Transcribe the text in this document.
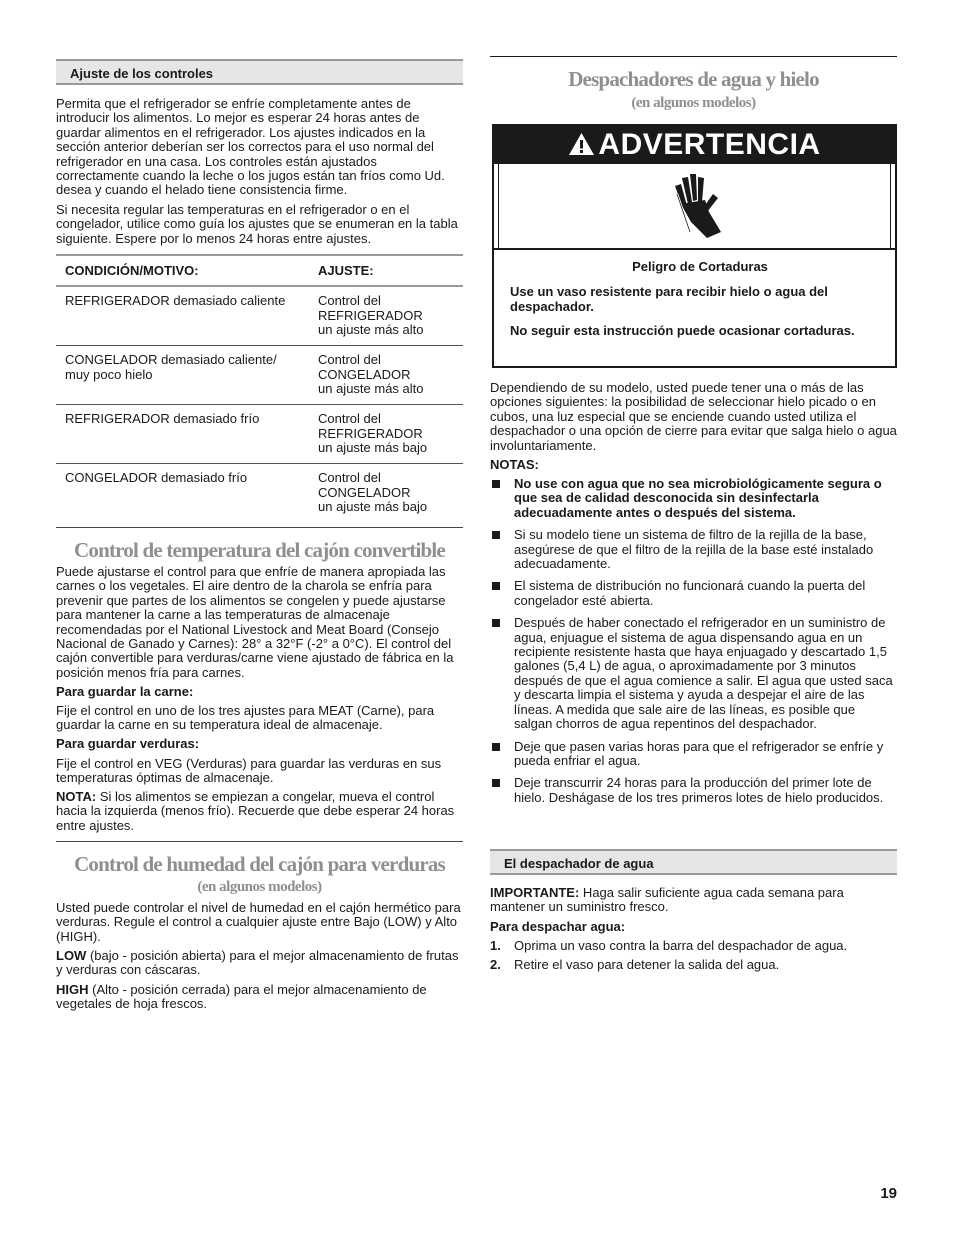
Ajuste de los controles

Permita que el refrigerador se enfríe completamente antes de introducir los alimentos. Lo mejor es esperar 24 horas antes de guardar alimentos en el refrigerador. Los ajustes indicados en la sección anterior deberían ser los correctos para el uso normal del refrigerador en una casa. Los controles están ajustados correctamente cuando la leche o los jugos están tan fríos como Ud. desea y cuando el helado tiene consistencia firme.

Si necesita regular las temperaturas en el refrigerador o en el congelador, utilice como guía los ajustes que se enumeran en la tabla siguiente. Espere por lo menos 24 horas entre ajustes.

CONDICIÓN/MOTIVO:	AJUSTE:
REFRIGERADOR demasiado caliente	Control del
REFRIGERADOR
un ajuste más alto

CONGELADOR demasiado caliente/ muy poco hielo	Control del
CONGELADOR
un ajuste más alto

REFRIGERADOR demasiado frío	Control del
REFRIGERADOR
un ajuste más bajo

CONGELADOR demasiado frío	Control del
CONGELADOR
un ajuste más bajo
Control de temperatura del cajón convertible

Puede ajustarse el control para que enfríe de manera apropiada las carnes o los vegetales. El aire dentro de la charola se enfría para prevenir que partes de los alimentos se congelen y puede ajustarse para mantener la carne a las temperaturas de almacenaje recomendadas por el National Livestock and Meat Board (Consejo Nacional de Ganado y Carnes): 28° a 32°F (-2° a 0°C). El control del cajón convertible para verduras/carne viene ajustado de fábrica en la posición menos fría para carnes.

Para guardar la carne:

Fije el control en uno de los tres ajustes para MEAT (Carne), para guardar la carne en su temperatura ideal de almacenaje.

Para guardar verduras:

Fije el control en VEG (Verduras) para guardar las verduras en sus temperaturas óptimas de almacenaje.

NOTA: Si los alimentos se empiezan a congelar, mueva el control hacia la izquierda (menos frío). Recuerde que debe esperar 24 horas entre ajustes.

Control de humedad del cajón para verduras
(en algunos modelos)

Usted puede controlar el nivel de humedad en el cajón hermético para verduras. Regule el control a cualquier ajuste entre Bajo (LOW) y Alto (HIGH).

LOW (bajo - posición abierta) para el mejor almacenamiento de frutas y verduras con cáscaras.

HIGH (Alto - posición cerrada) para el mejor almacenamiento de vegetales de hoja frescos.

Despachadores de agua y hielo
(en algunos modelos)
ADVERTENCIA

Peligro de Cortaduras

Use un vaso resistente para recibir hielo o agua del despachador.

No seguir esta instrucción puede ocasionar cortaduras.

Dependiendo de su modelo, usted puede tener una o más de las opciones siguientes: la posibilidad de seleccionar hielo picado o en cubos, una luz especial que se enciende cuando usted utiliza el despachador o una opción de cierre para evitar que salga hielo o agua involuntariamente.

NOTAS:

No use con agua que no sea microbiológicamente segura o que sea de calidad desconocida sin desinfectarla adecuadamente antes o después del sistema.
Si su modelo tiene un sistema de filtro de la rejilla de la base, asegúrese de que el filtro de la rejilla de la base esté instalado adecuadamente.
El sistema de distribución no funcionará cuando la puerta del congelador esté abierta.
Después de haber conectado el refrigerador en un suministro de agua, enjuague el sistema de agua dispensando agua en un recipiente resistente hasta que haya enjuagado y descartado 1,5 galones (5,4 L) de agua, o aproximadamente por 3 minutos después de que el agua comience a salir. El agua que usted saca y descarta limpia el sistema y ayuda a despejar el aire de las líneas. A medida que sale aire de las líneas, es posible que salgan chorros de agua repentinos del despachador.
Deje que pasen varias horas para que el refrigerador se enfríe y pueda enfriar el agua.
Deje transcurrir 24 horas para la producción del primer lote de hielo. Deshágase de los tres primeros lotes de hielo producidos.
El despachador de agua

IMPORTANTE: Haga salir suficiente agua cada semana para mantener un suministro fresco.

Para despachar agua:

1. Oprima un vaso contra la barra del despachador de agua.
2. Retire el vaso para detener la salida del agua.
19
